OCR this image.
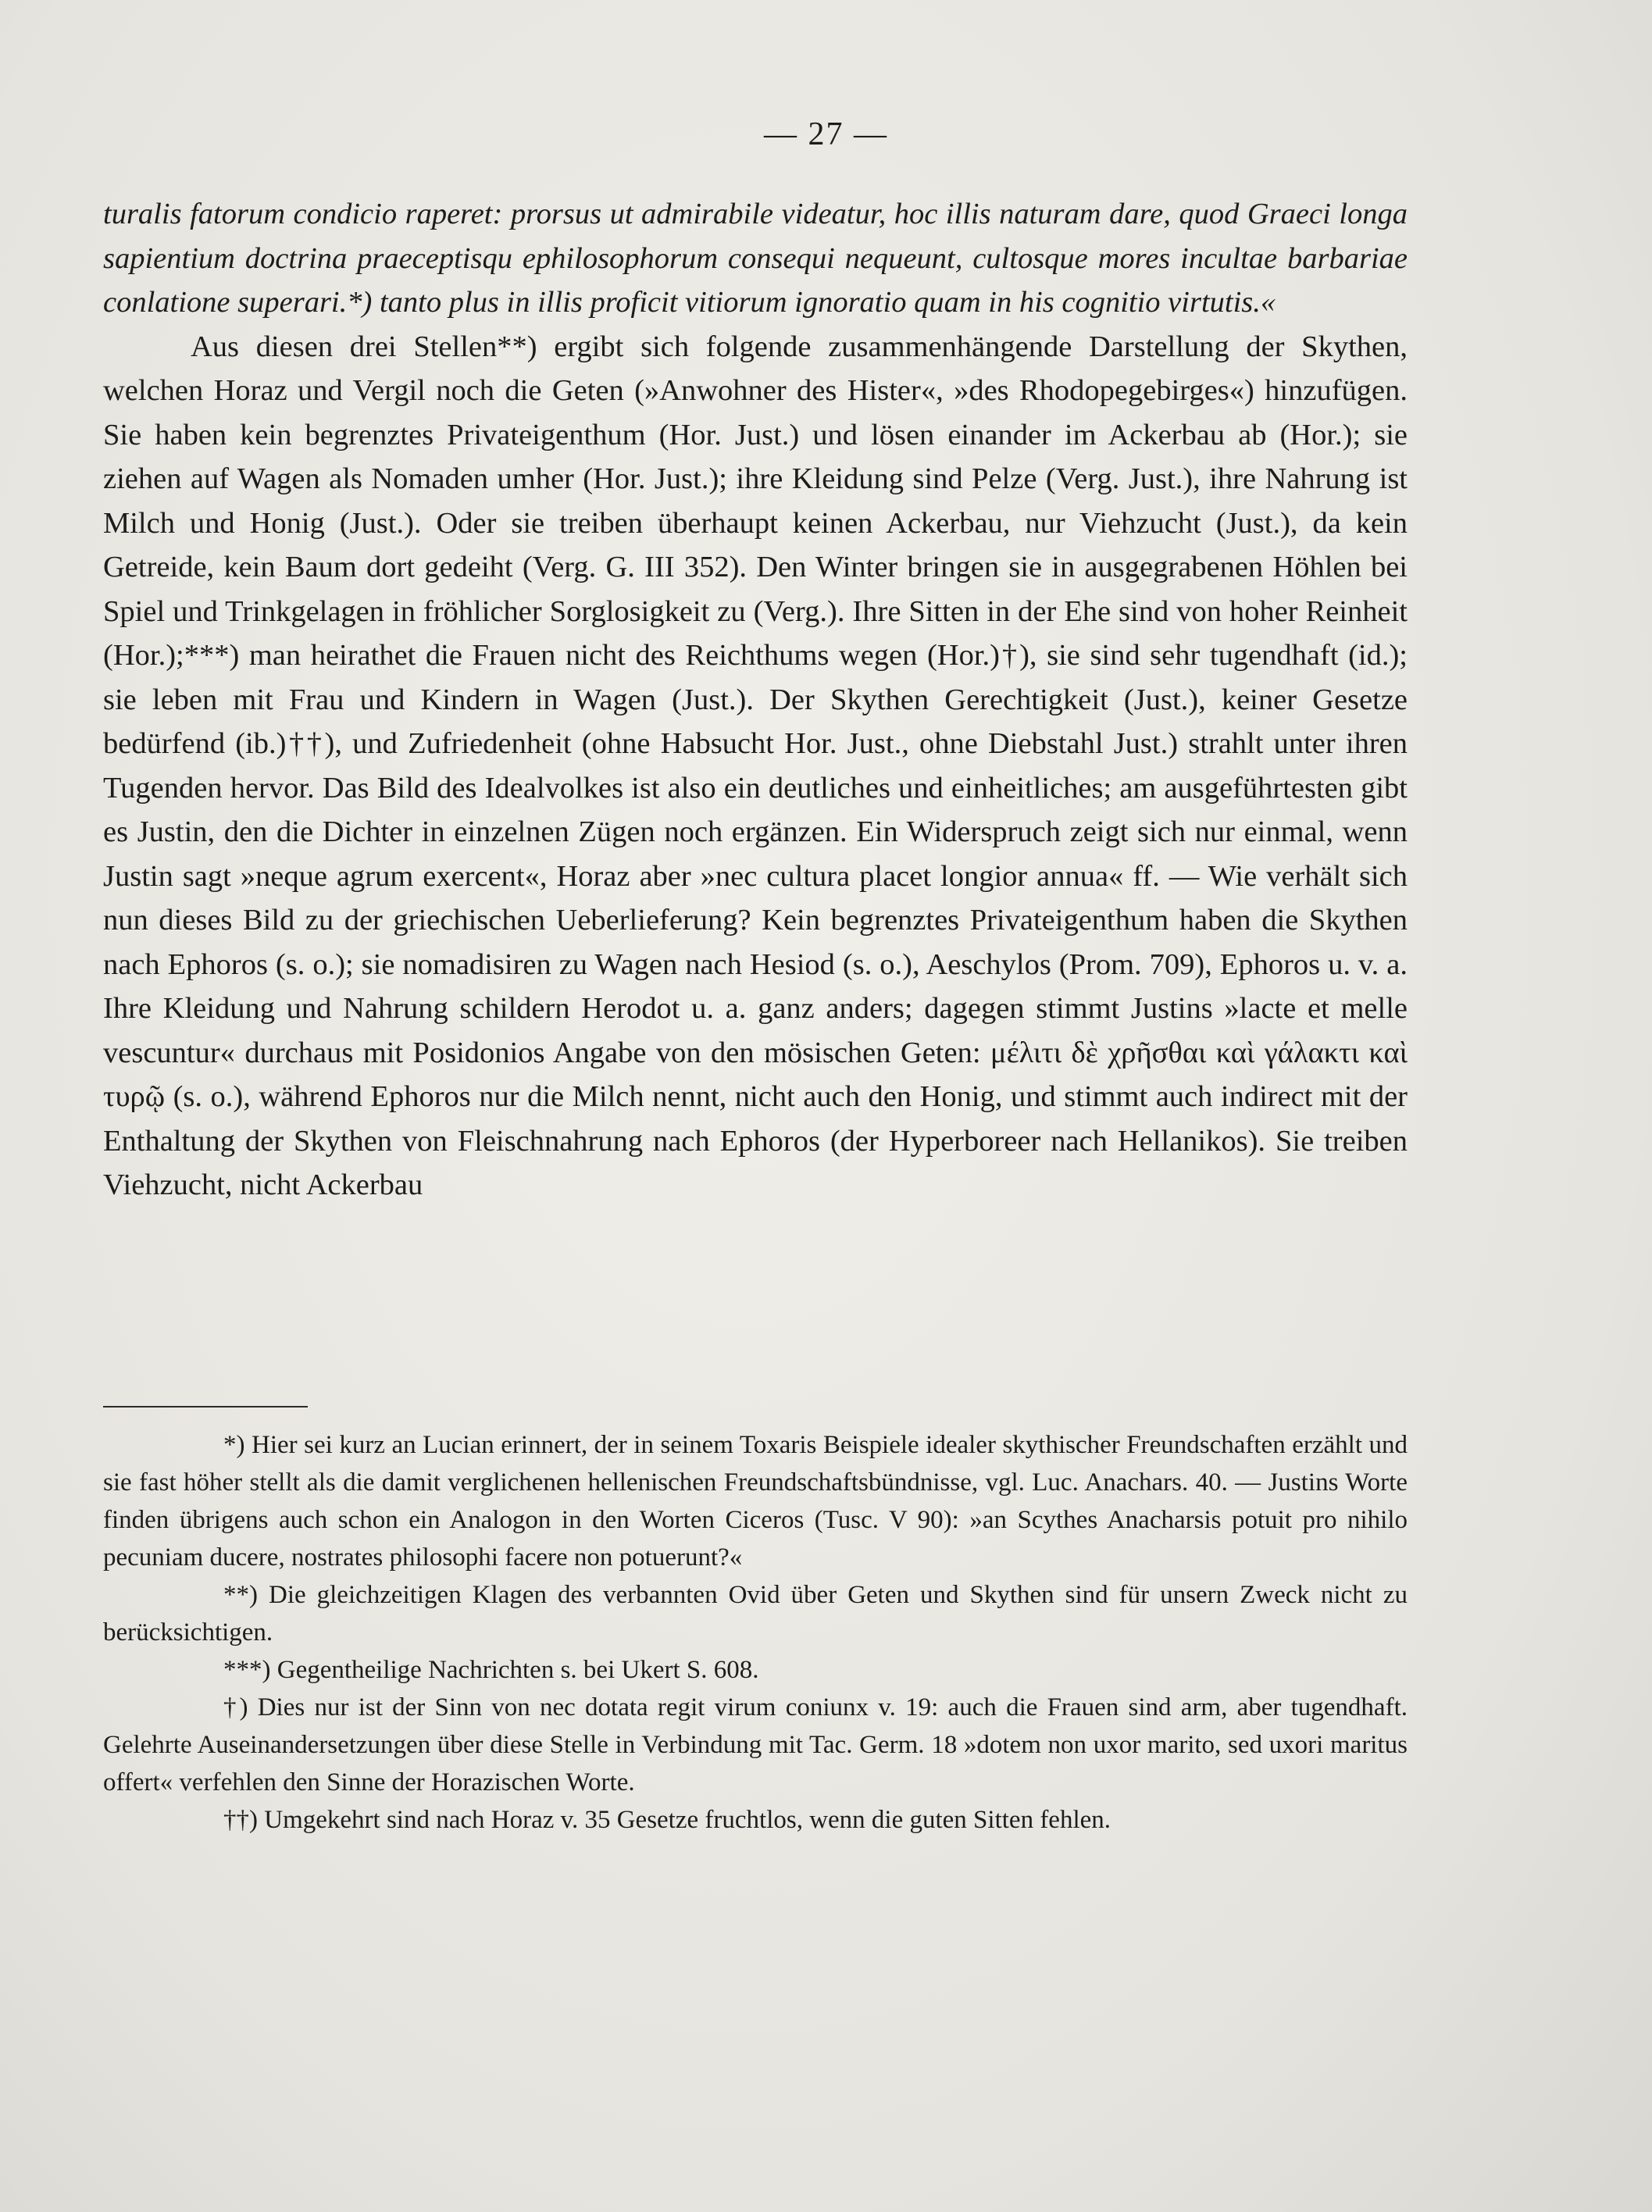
— 27 —

turalis fatorum condicio raperet: prorsus ut admirabile videatur, hoc illis naturam dare, quod Graeci longa sapientium doctrina praeceptisqu ephilosophorum consequi nequeunt, cultosque mores incultae barbariae conlatione superari.*) tanto plus in illis proficit vitiorum ignoratio quam in his cognitio virtutis.«

Aus diesen drei Stellen**) ergibt sich folgende zusammenhängende Darstellung der Skythen, welchen Horaz und Vergil noch die Geten (»Anwohner des Hister«, »des Rhodopegebirges«) hinzufügen. Sie haben kein begrenztes Privateigenthum (Hor. Just.) und lösen einander im Ackerbau ab (Hor.); sie ziehen auf Wagen als Nomaden umher (Hor. Just.); ihre Kleidung sind Pelze (Verg. Just.), ihre Nahrung ist Milch und Honig (Just.). Oder sie treiben überhaupt keinen Ackerbau, nur Viehzucht (Just.), da kein Getreide, kein Baum dort gedeiht (Verg. G. III 352). Den Winter bringen sie in ausgegrabenen Höhlen bei Spiel und Trinkgelagen in fröhlicher Sorglosigkeit zu (Verg.). Ihre Sitten in der Ehe sind von hoher Reinheit (Hor.);***) man heirathet die Frauen nicht des Reichthums wegen (Hor.)†), sie sind sehr tugendhaft (id.); sie leben mit Frau und Kindern in Wagen (Just.). Der Skythen Gerechtigkeit (Just.), keiner Gesetze bedürfend (ib.)††), und Zufriedenheit (ohne Habsucht Hor. Just., ohne Diebstahl Just.) strahlt unter ihren Tugenden hervor. Das Bild des Idealvolkes ist also ein deutliches und einheitliches; am ausgeführtesten gibt es Justin, den die Dichter in einzelnen Zügen noch ergänzen. Ein Widerspruch zeigt sich nur einmal, wenn Justin sagt »neque agrum exercent«, Horaz aber »nec cultura placet longior annua« ff. — Wie verhält sich nun dieses Bild zu der griechischen Ueberlieferung? Kein begrenztes Privateigenthum haben die Skythen nach Ephoros (s. o.); sie nomadisiren zu Wagen nach Hesiod (s. o.), Aeschylos (Prom. 709), Ephoros u. v. a. Ihre Kleidung und Nahrung schildern Herodot u. a. ganz anders; dagegen stimmt Justins »lacte et melle vescuntur« durchaus mit Posidonios Angabe von den mösischen Geten: μέλιτι δὲ χρῆσθαι καὶ γάλακτι καὶ τυρῷ (s. o.), während Ephoros nur die Milch nennt, nicht auch den Honig, und stimmt auch indirect mit der Enthaltung der Skythen von Fleischnahrung nach Ephoros (der Hyperboreer nach Hellanikos). Sie treiben Viehzucht, nicht Ackerbau

*) Hier sei kurz an Lucian erinnert, der in seinem Toxaris Beispiele idealer skythischer Freundschaften erzählt und sie fast höher stellt als die damit verglichenen hellenischen Freundschaftsbündnisse, vgl. Luc. Anachars. 40. — Justins Worte finden übrigens auch schon ein Analogon in den Worten Ciceros (Tusc. V 90): »an Scythes Anacharsis potuit pro nihilo pecuniam ducere, nostrates philosophi facere non potuerunt?«

**) Die gleichzeitigen Klagen des verbannten Ovid über Geten und Skythen sind für unsern Zweck nicht zu berücksichtigen.

***) Gegentheilige Nachrichten s. bei Ukert S. 608.

†) Dies nur ist der Sinn von nec dotata regit virum coniunx v. 19: auch die Frauen sind arm, aber tugendhaft. Gelehrte Auseinandersetzungen über diese Stelle in Verbindung mit Tac. Germ. 18 »dotem non uxor marito, sed uxori maritus offert« verfehlen den Sinne der Horazischen Worte.

††) Umgekehrt sind nach Horaz v. 35 Gesetze fruchtlos, wenn die guten Sitten fehlen.
